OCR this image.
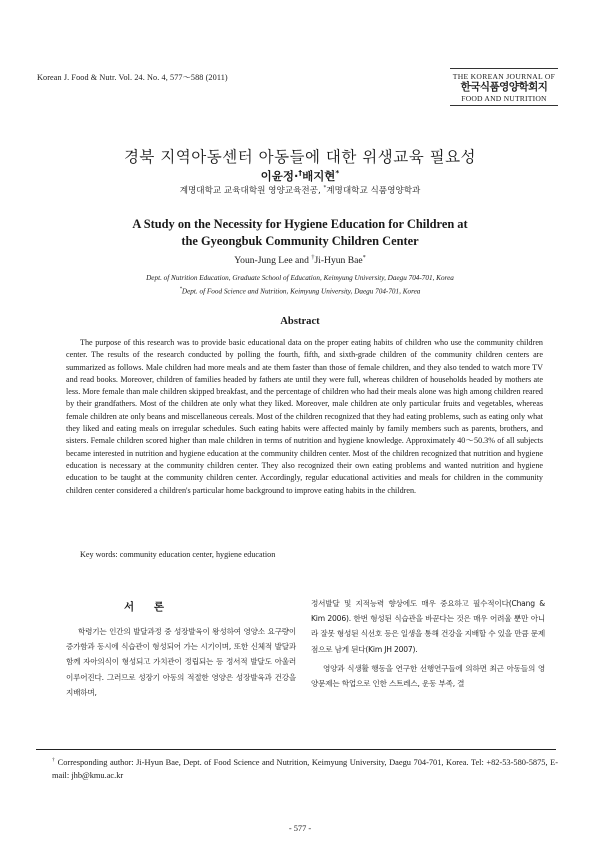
Korean J. Food & Nutr. Vol. 24. No. 4, 577～588 (2011)	THE KOREAN JOURNAL OF
한국식품영양학회지
FOOD AND NUTRITION
경북 지역아동센터 아동들에 대한 위생교육 필요성
이윤정·†배지현*
계명대학교 교육대학원 영양교육전공, *계명대학교 식품영양학과
A Study on the Necessity for Hygiene Education for Children at
the Gyeongbuk Community Children Center
Youn-Jung Lee and †Ji-Hyun Bae*
Dept. of Nutrition Education, Graduate School of Education, Keimyung University, Daegu 704-701, Korea
*Dept. of Food Science and Nutrition, Keimyung University, Daegu 704-701, Korea
Abstract

The purpose of this research was to provide basic educational data on the proper eating habits of children who use the community children center. The results of the research conducted by polling the fourth, fifth, and sixth-grade children of the community children centers are summarized as follows. Male children had more meals and ate them faster than those of female children, and they also tended to watch more TV and read books. Moreover, children of families headed by fathers ate until they were full, whereas children of households headed by mothers ate less. More female than male children skipped breakfast, and the percentage of children who had their meals alone was high among children reared by their grandfathers. Most of the children ate only what they liked. Moreover, male children ate only particular fruits and vegetables, whereas female children ate only beans and miscellaneous cereals. Most of the children recognized that they had eating problems, such as eating only what they liked and eating meals on irregular schedules. Such eating habits were affected mainly by family members such as parents, brothers, and sisters. Female children scored higher than male children in terms of nutrition and hygiene knowledge. Approximately 40～50.3% of all subjects became interested in nutrition and hygiene education at the community children center. Most of the children recognized that nutrition and hygiene education is necessary at the community children center. They also recognized their own eating problems and wanted nutrition and hygiene education to be taught at the community children center. Accordingly, regular educational activities and meals for children in the community children center considered a children's particular home background to improve eating habits in the children.

Key words: community education center, hygiene education
서 론

학령기는 인간의 발달과정 중 성장발육이 왕성하여 영양소 요구량이 증가함과 동시에 식습관이 형성되어 가는 시기이며, 또한 신체적 발달과 함께 자아의식이 형성되고 가치관이 정립되는 등 정서적 발달도 아울러 이루어진다. 그러므로 성장기 아동의 적절한 영양은 성장발육과 건강을 지배하며,

정서발달 및 지적능력 향상에도 매우 중요하고 필수적이다(Chang & Kim 2006). 한번 형성된 식습관을 바꾼다는 것은 매우 어려울 뿐만 아니라 잘못 형성된 식선호 등은 일생을 통해 건강을 지배할 수 있을 만큼 문제점으로 남게 된다(Kim JH 2007).

영양과 식생활 행동을 연구한 선행연구들에 의하면 최근 아동들의 영양문제는 학업으로 인한 스트레스, 운동 부족, 결

† Corresponding author: Ji-Hyun Bae, Dept. of Food Science and Nutrition, Keimyung University, Daegu 704-701, Korea. Tel: +82-53-580-5875, E-mail: jhb@kmu.ac.kr
- 577 -
